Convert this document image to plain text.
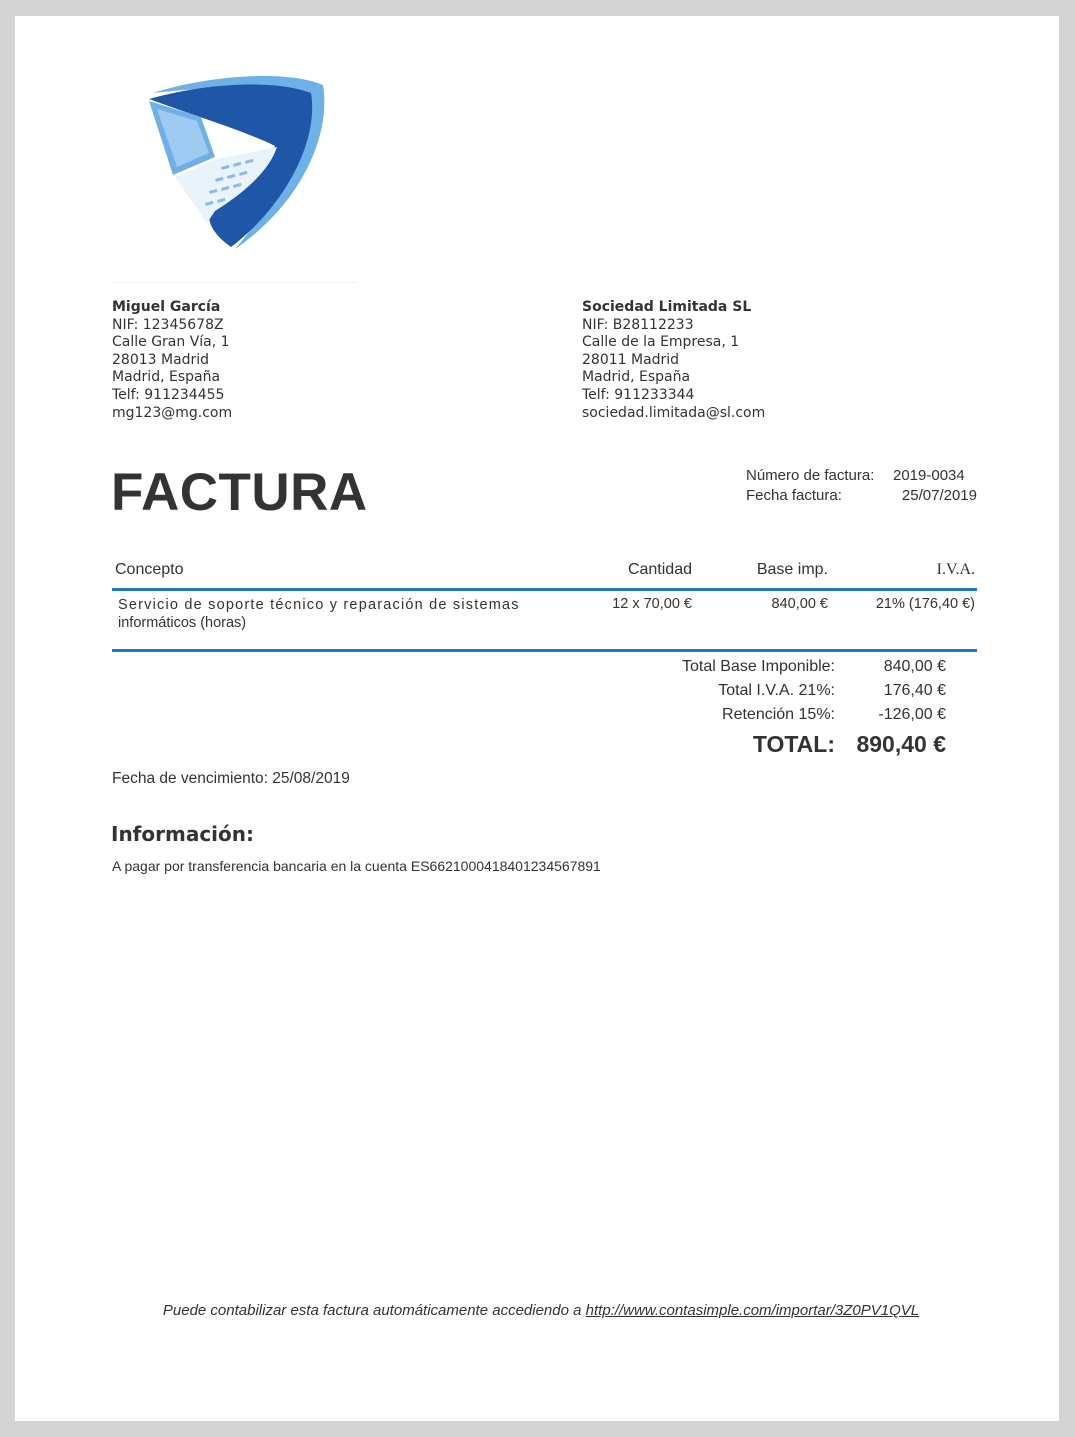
Miguel García
NIF: 12345678Z
Calle Gran Vía, 1
28013 Madrid
Madrid, España
Telf: 911234455
mg123@mg.com
Sociedad Limitada SL
NIF: B28112233
Calle de la Empresa, 1
28011 Madrid
Madrid, España
Telf: 911233344
sociedad.limitada@sl.com
FACTURA	Número de factura: 2019-0034
Fecha factura:	25/07/2019
Concepto	Cantidad	Base imp.	I.V.A.
Servicio de soporte técnico y reparación de sistemas
informáticos (horas)
12 x 70,00 €	840,00 €	21% (176,40 €)
Total Base Imponible:	840,00 €
Total I.V.A. 21%:	176,40 €
Retención 15%:	-126,00 €
TOTAL: 890,40 €
Fecha de vencimiento: 25/08/2019
Información:
A pagar por transferencia bancaria en la cuenta ES6621000418401234567891
Puede contabilizar esta factura automáticamente accediendo a http://www.contasimple.com/importar/3Z0PV1QVL
